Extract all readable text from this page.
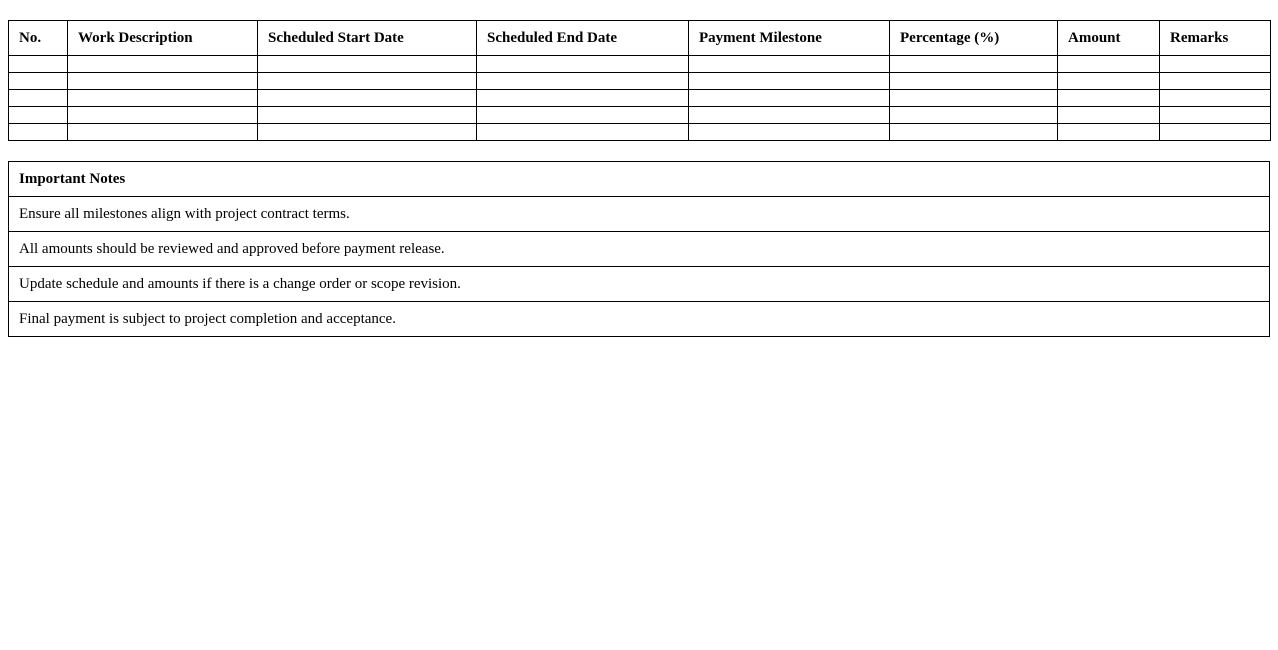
No.	Work Description	Scheduled Start Date	Scheduled End Date	Payment Milestone	Percentage (%)	Amount	Remarks

Important Notes
Ensure all milestones align with project contract terms.
All amounts should be reviewed and approved before payment release.
Update schedule and amounts if there is a change order or scope revision.
Final payment is subject to project completion and acceptance.
